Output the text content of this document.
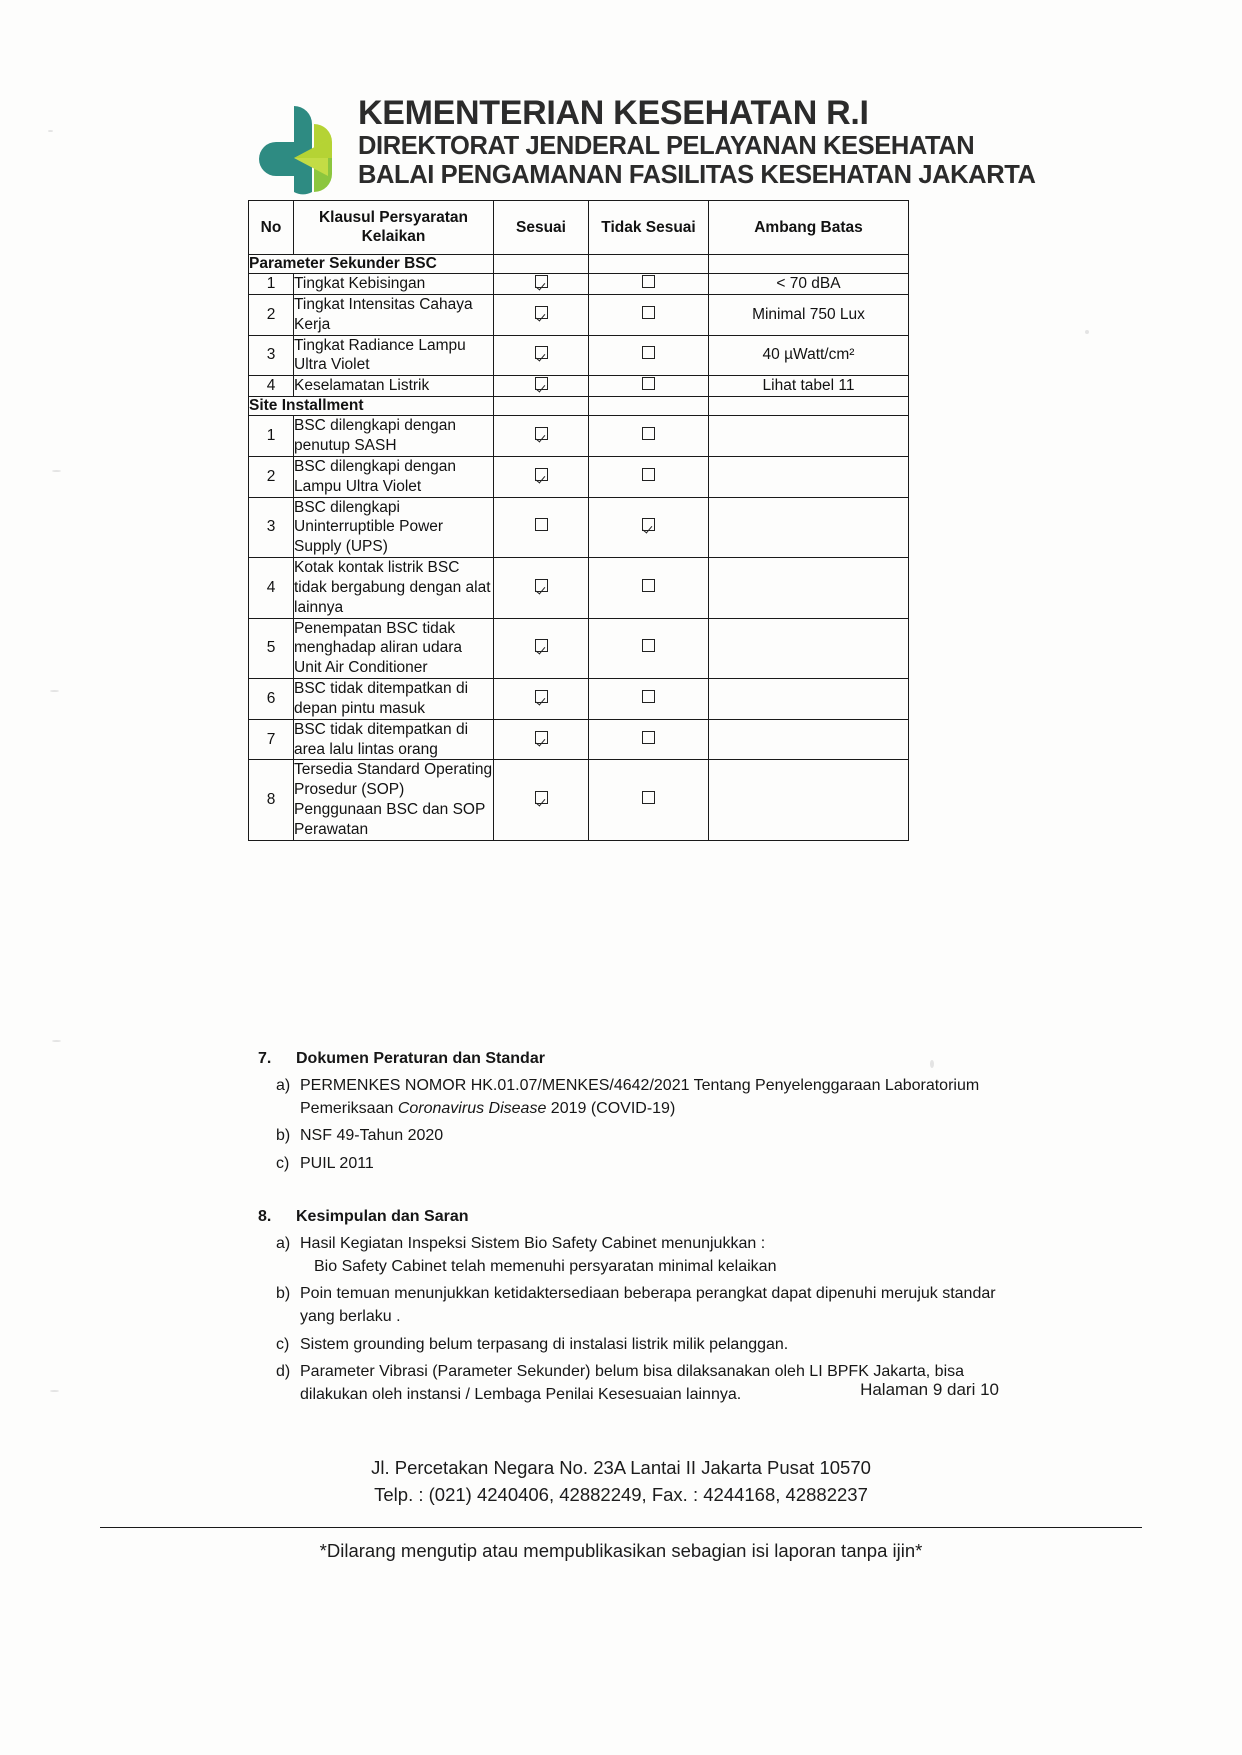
KEMENTERIAN KESEHATAN R.I
DIREKTORAT JENDERAL PELAYANAN KESEHATAN
BALAI PENGAMANAN FASILITAS KESEHATAN JAKARTA
No	Klausul Persyaratan Kelaikan	Sesuai	Tidak Sesuai	Ambang Batas
Parameter Sekunder BSC				
1	Tingkat Kebisingan			< 70 dBA
2	Tingkat Intensitas Cahaya Kerja			Minimal 750 Lux
3	Tingkat Radiance Lampu Ultra Violet			40 µWatt/cm²
4	Keselamatan Listrik			Lihat tabel 11
Site Installment				
1	BSC dilengkapi dengan penutup SASH			
2	BSC dilengkapi dengan Lampu Ultra Violet			
3	BSC dilengkapi Uninterruptible Power Supply (UPS)			
4	Kotak kontak listrik BSC tidak bergabung dengan alat lainnya			
5	Penempatan BSC tidak menghadap aliran udara Unit Air Conditioner			
6	BSC tidak ditempatkan di depan pintu masuk			
7	BSC tidak ditempatkan di area lalu lintas orang			
8	Tersedia Standard Operating Prosedur (SOP) Penggunaan BSC dan SOP Perawatan			
7.	Dokumen Peraturan dan Standar
a) PERMENKES NOMOR HK.01.07/MENKES/4642/2021 Tentang Penyelenggaraan Laboratorium Pemeriksaan Coronavirus Disease 2019 (COVID-19)
b) NSF 49-Tahun 2020
c) PUIL 2011
8.	Kesimpulan dan Saran
a) Hasil Kegiatan Inspeksi Sistem Bio Safety Cabinet menunjukkan :
Bio Safety Cabinet telah memenuhi persyaratan minimal kelaikan
b) Poin temuan menunjukkan ketidaktersediaan beberapa perangkat dapat dipenuhi merujuk standar yang berlaku .
c) Sistem grounding belum terpasang di instalasi listrik milik pelanggan.
d) Parameter Vibrasi (Parameter Sekunder) belum bisa dilaksanakan oleh LI BPFK Jakarta, bisa dilakukan oleh instansi / Lembaga Penilai Kesesuaian lainnya.	Halaman 9 dari 10
Jl. Percetakan Negara No. 23A Lantai II Jakarta Pusat 10570
Telp. : (021) 4240406, 42882249, Fax. : 4244168, 42882237
*Dilarang mengutip atau mempublikasikan sebagian isi laporan tanpa ijin*
